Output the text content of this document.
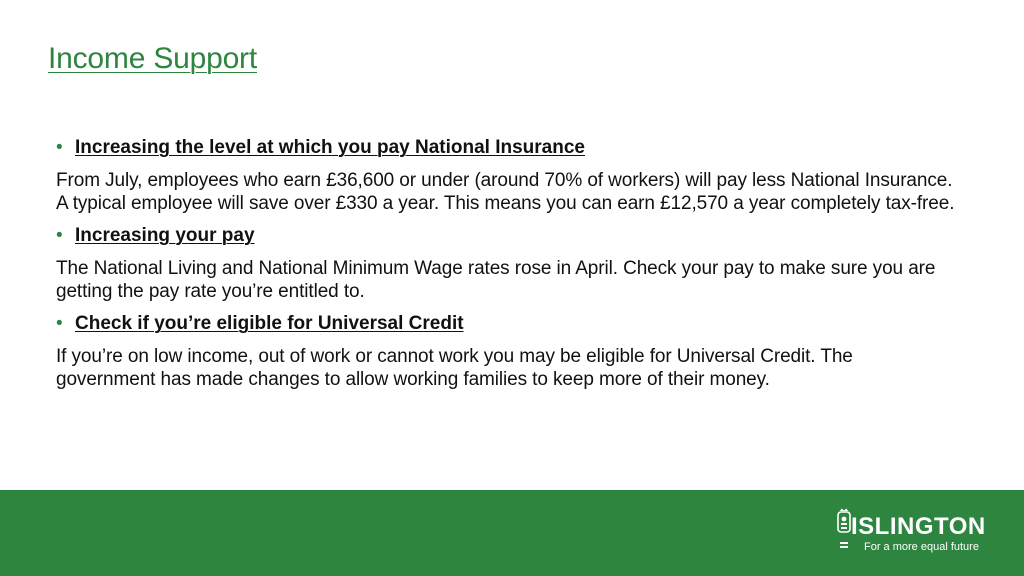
Income Support
• Increasing the level at which you pay National Insurance

From July, employees who earn £36,600 or under (around 70% of workers) will pay less National Insurance. A typical employee will save over £330 a year. This means you can earn £12,570 a year completely tax-free.

• Increasing your pay

The National Living and National Minimum Wage rates rose in April. Check your pay to make sure you are getting the pay rate you’re entitled to.

• Check if you’re eligible for Universal Credit

If you’re on low income, out of work or cannot work you may be eligible for Universal Credit. The government has made changes to allow working families to keep more of their money.

ISLINGTON
For a more equal future
